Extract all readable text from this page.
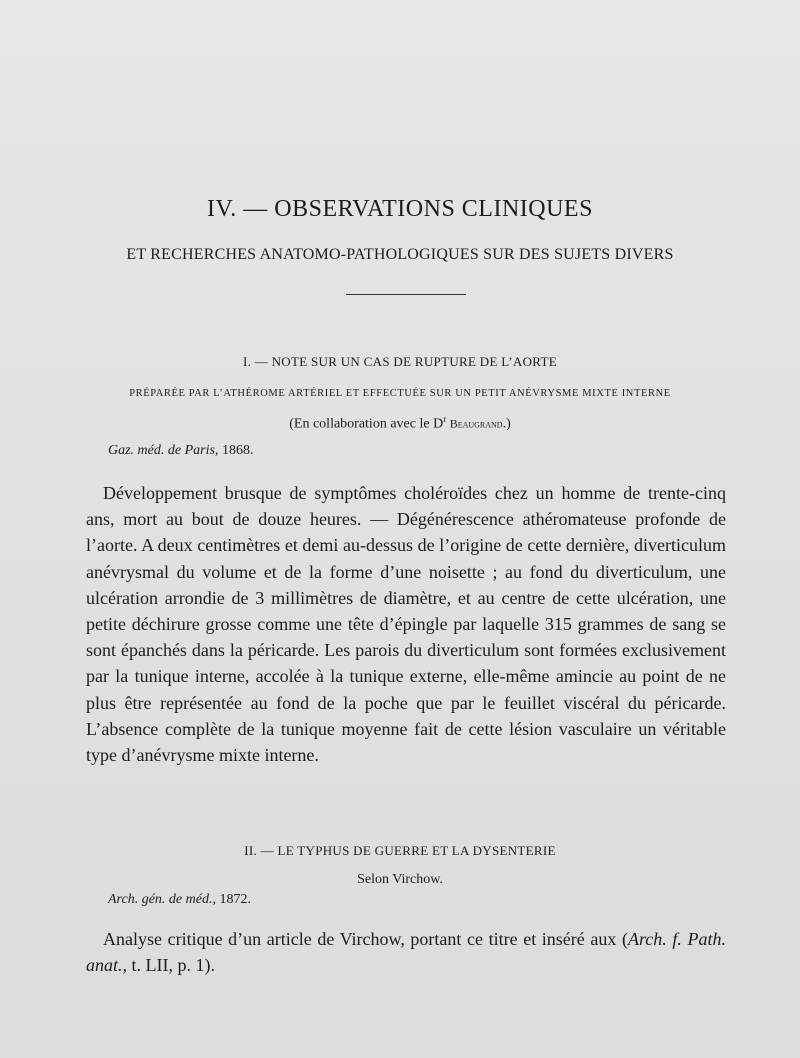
IV. — OBSERVATIONS CLINIQUES
ET RECHERCHES ANATOMO-PATHOLOGIQUES SUR DES SUJETS DIVERS
I. — NOTE SUR UN CAS DE RUPTURE DE L’AORTE
PRÉPARÉE PAR L’ATHÉROME ARTÉRIEL ET EFFECTUÉE SUR UN PETIT ANÉVRYSME MIXTE INTERNE
(En collaboration avec le $D^r$ Beaugrand.)
Gaz. méd. de Paris, 1868.

Développement brusque de symptômes choléroïdes chez un homme de trente-cinq ans, mort au bout de douze heures. — Dégénérescence athéromateuse profonde de l’aorte. A deux centimètres et demi au-dessus de l’origine de cette dernière, diverticulum anévrysmal du volume et de la forme d’une noisette ; au fond du diverticulum, une ulcération arrondie de 3 millimètres de diamètre, et au centre de cette ulcération, une petite déchirure grosse comme une tête d’épingle par laquelle 315 grammes de sang se sont épanchés dans la péricarde. Les parois du diverticulum sont formées exclusivement par la tunique interne, accolée à la tunique externe, elle-même amincie au point de ne plus être représentée au fond de la poche que par le feuillet viscéral du péricarde. L’absence complète de la tunique moyenne fait de cette lésion vasculaire un véritable type d’anévrysme mixte interne.

II. — LE TYPHUS DE GUERRE ET LA DYSENTERIE
Selon Virchow.
Arch. gén. de méd., 1872.

Analyse critique d’un article de Virchow, portant ce titre et inséré aux (Arch. f. Path. anat., t. LII, p. 1).
